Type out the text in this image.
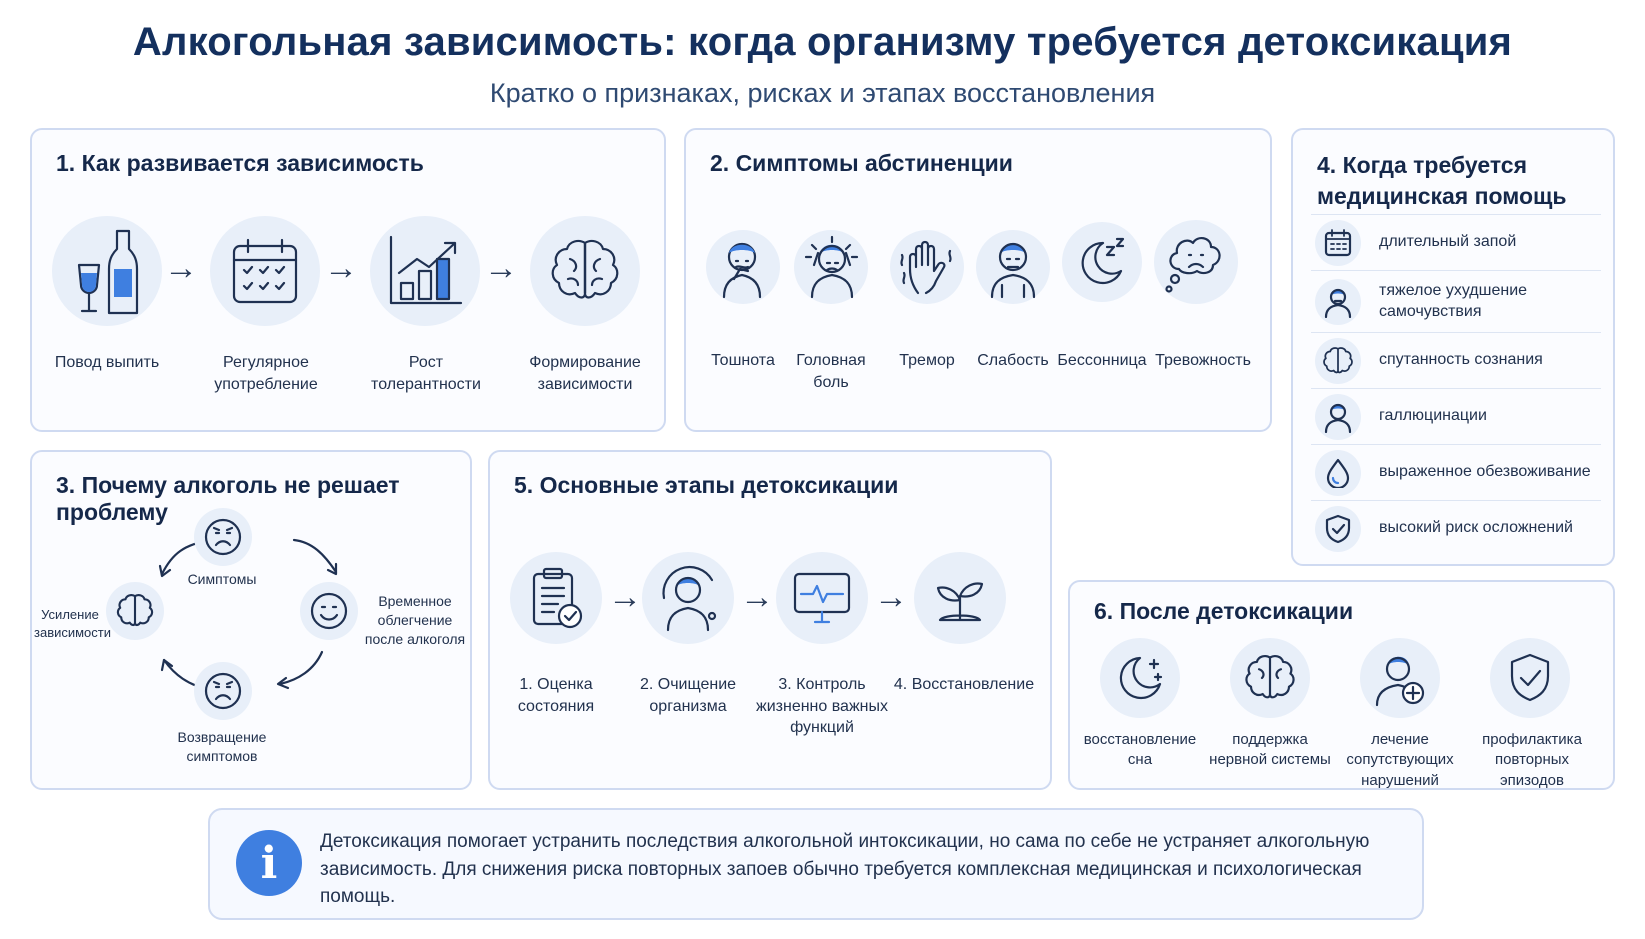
Алкогольная зависимость: когда организму требуется детоксикация
Кратко о признаках, рисках и этапах восстановления
1. Как развивается зависимость
→	→	→
Повод выпить	Регулярное
употребление
Рост
толерантности
Формирование
зависимости
2. Симптомы абстиненции
Тошнота	Головная
боль
Тремор	Слабость Бессонница Тревожность
4. Когда требуется
медицинская помощь
длительный запой
тяжелое ухудшение
самочувствия
спутанность сознания
галлюцинации
выраженное обезвоживание
высокий риск осложнений
3. Почему алкоголь не решает проблему
Симптомы
Временное
облегчение
после алкоголя
Возвращение
симптомов
Усиление
зависимости
5. Основные этапы детоксикации
→	→	→
1. Оценка
состояния
2. Очищение
организма
3. Контроль
жизненно важных
функций
4. Восстановление
6. После детоксикации
восстановление
сна
поддержка
нервной системы
лечение
сопутствующих
нарушений
профилактика
повторных
эпизодов
i	Детоксикация помогает устранить последствия алкогольной интоксикации, но сама по себе не устраняет алкогольную зависимость. Для снижения риска повторных запоев обычно требуется комплексная медицинская и психологическая помощь.
